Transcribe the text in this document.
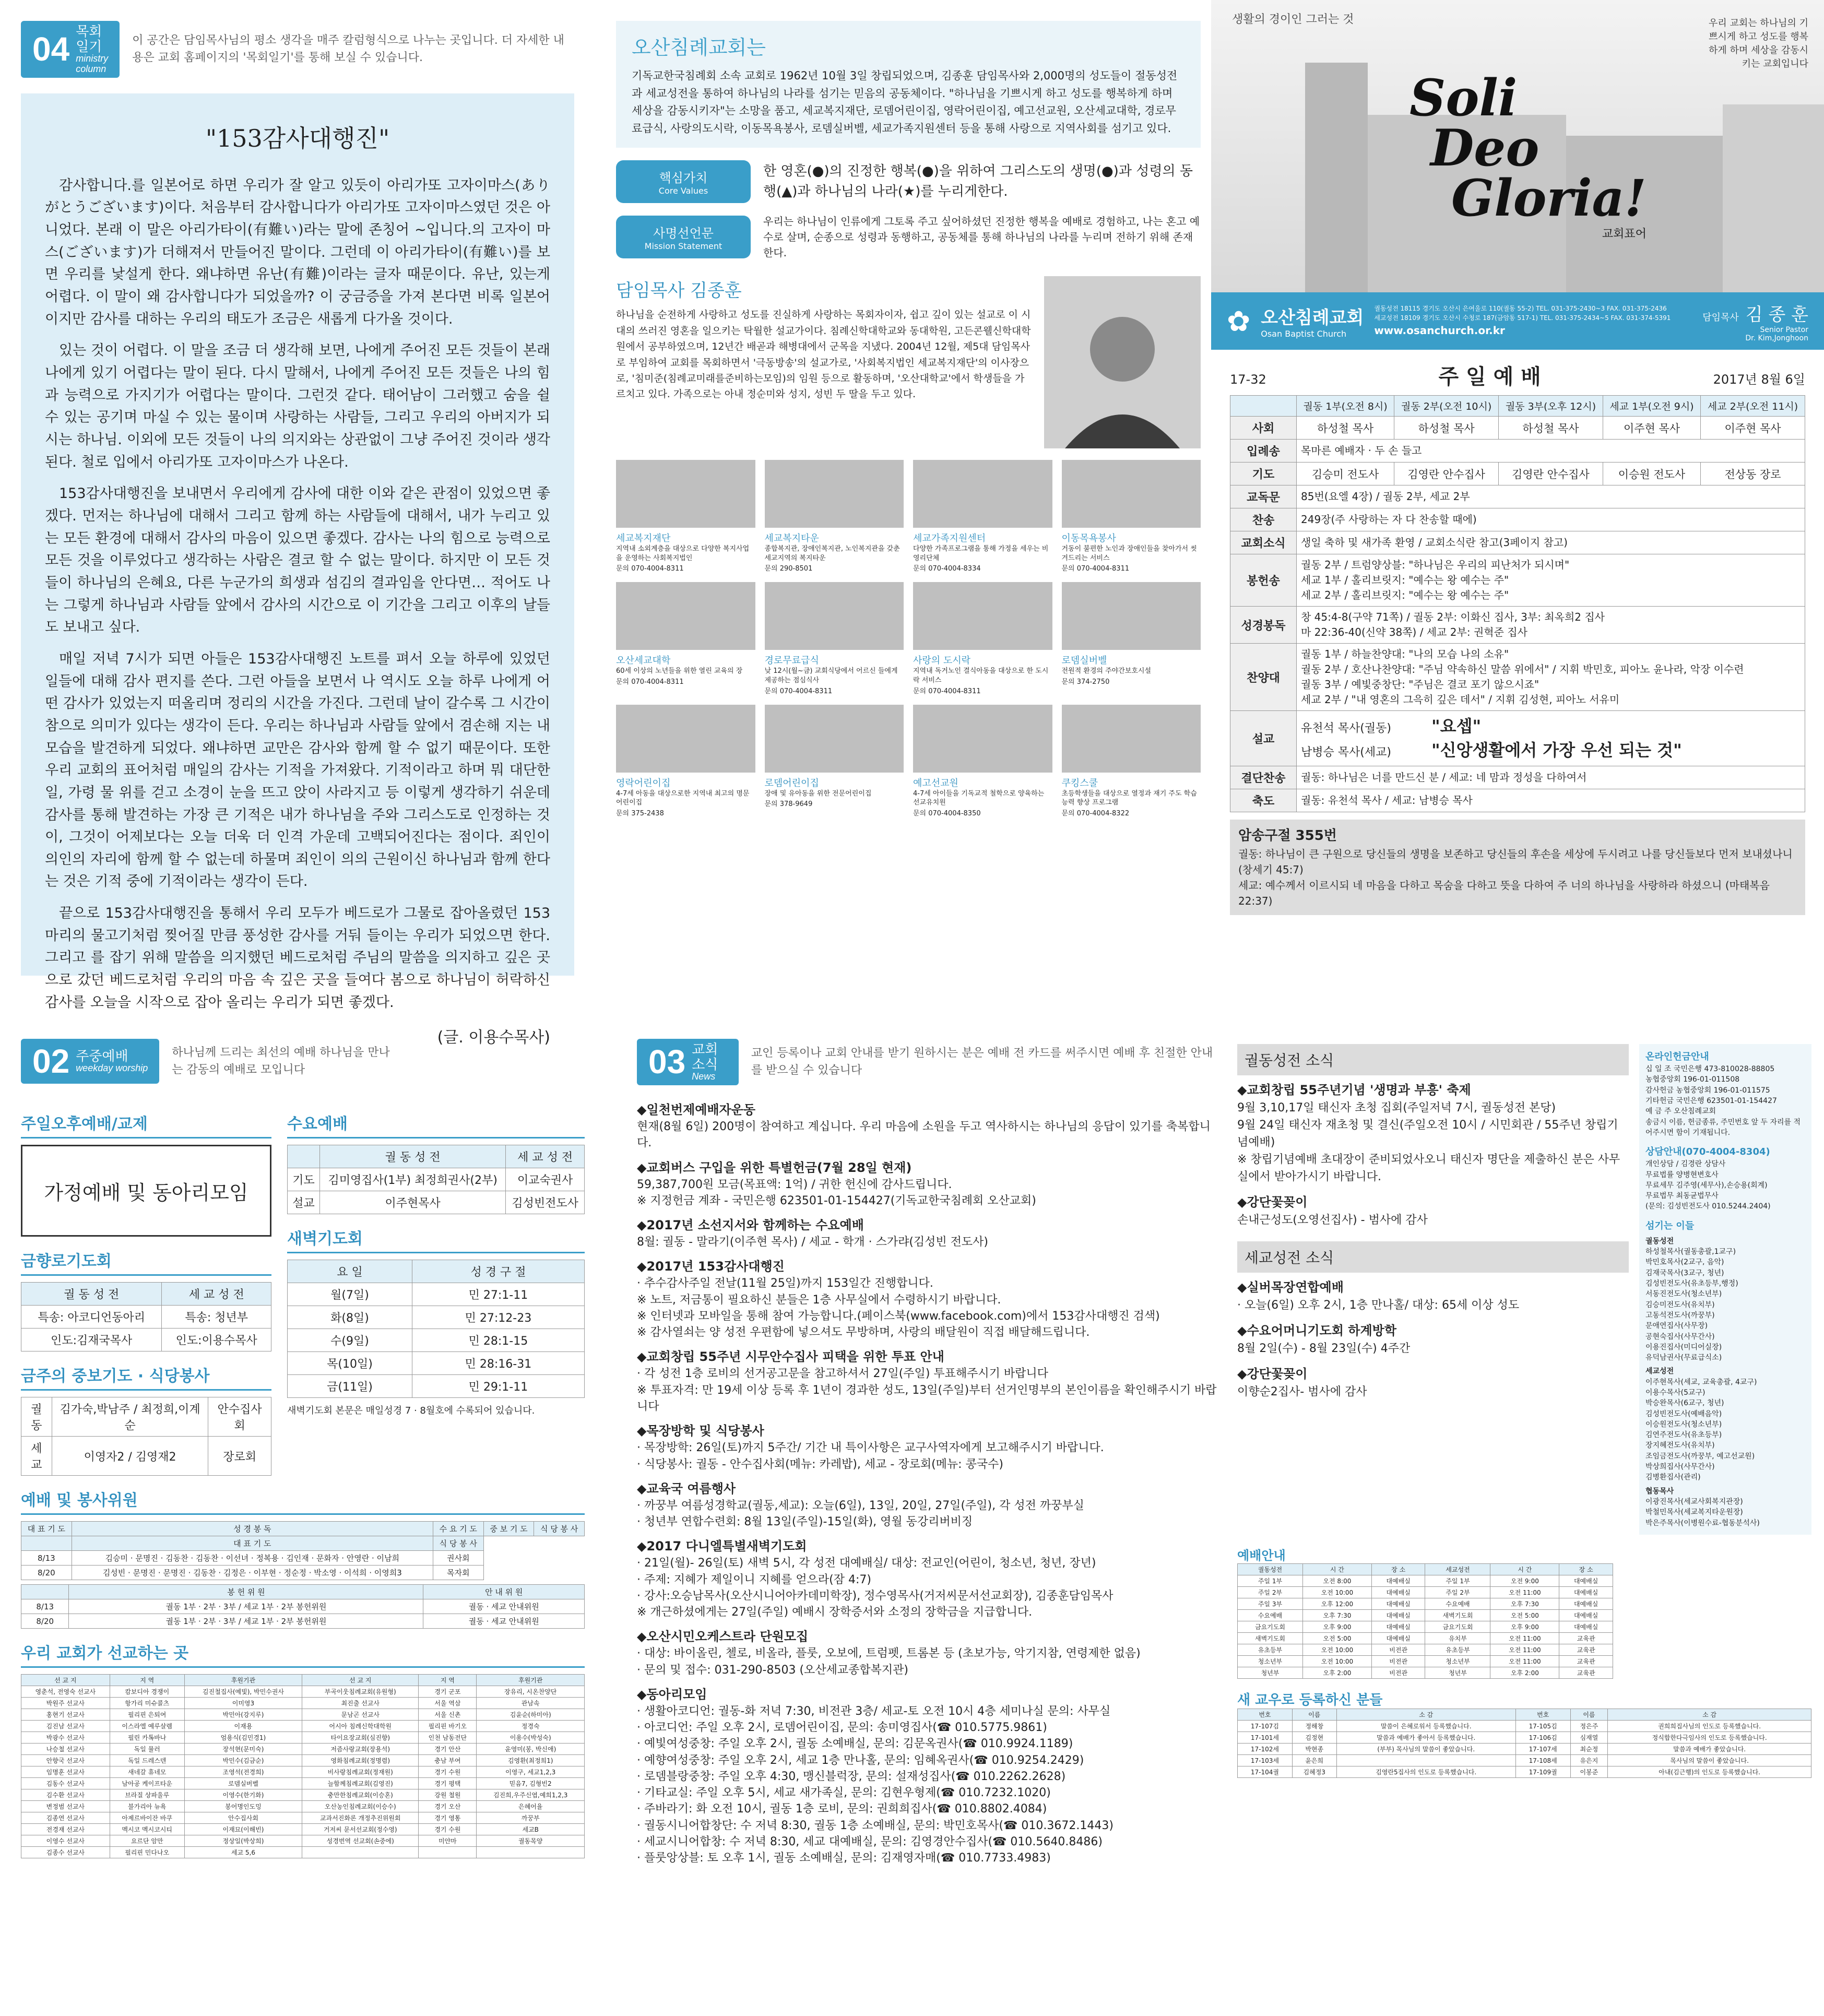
04 목회일기
ministry column
이 공간은 담임목사님의 평소 생각을 매주 칼럼형식으로 나누는 곳입니다. 더 자세한 내용은 교회 홈페이지의 '목회일기'를 통해 보실 수 있습니다.
"153감사대행진"

감사합니다.를 일본어로 하면 우리가 잘 알고 있듯이 아리가또 고자이마스(ありがとうございます)이다. 처음부터 감사합니다가 아리가또 고자이마스였던 것은 아니었다. 본래 이 말은 아리가타이(有難い)라는 말에 존칭어 ~입니다.의 고자이 마스(ございます)가 더해져서 만들어진 말이다. 그런데 이 아리가타이(有難い)를 보면 우리를 낯설게 한다. 왜냐하면 유난(有難)이라는 글자 때문이다. 유난, 있는게 어렵다. 이 말이 왜 감사합니다가 되었을까? 이 궁금증을 가져 본다면 비록 일본어이지만 감사를 대하는 우리의 태도가 조금은 새롭게 다가올 것이다.

있는 것이 어렵다. 이 말을 조금 더 생각해 보면, 나에게 주어진 모든 것들이 본래 나에게 있기 어렵다는 말이 된다. 다시 말해서, 나에게 주어진 모든 것들은 나의 힘과 능력으로 가지기가 어렵다는 말이다. 그런것 같다. 태어남이 그러했고 숨을 쉴 수 있는 공기며 마실 수 있는 물이며 사랑하는 사람들, 그리고 우리의 아버지가 되시는 하나님. 이외에 모든 것들이 나의 의지와는 상관없이 그냥 주어진 것이라 생각된다. 철로 입에서 아리가또 고자이마스가 나온다.

153감사대행진을 보내면서 우리에게 감사에 대한 이와 같은 관점이 있었으면 좋겠다. 먼저는 하나님에 대해서 그리고 함께 하는 사람들에 대해서, 내가 누리고 있는 모든 환경에 대해서 감사의 마음이 있으면 좋겠다. 감사는 나의 힘으로 능력으로 모든 것을 이루었다고 생각하는 사람은 결코 할 수 없는 말이다. 하지만 이 모든 것들이 하나님의 은혜요, 다른 누군가의 희생과 섬김의 결과임을 안다면… 적어도 나는 그렇게 하나님과 사람들 앞에서 감사의 시간으로 이 기간을 그리고 이후의 날들도 보내고 싶다.

매일 저녁 7시가 되면 아들은 153감사대행진 노트를 펴서 오늘 하루에 있었던 일들에 대해 감사 편지를 쓴다. 그런 아들을 보면서 나 역시도 오늘 하루 나에게 어떤 감사가 있었는지 떠올리며 정리의 시간을 가진다. 그런데 날이 갈수록 그 시간이 참으로 의미가 있다는 생각이 든다. 우리는 하나님과 사람들 앞에서 겸손해 지는 내 모습을 발견하게 되었다. 왜냐하면 교만은 감사와 함께 할 수 없기 때문이다. 또한 우리 교회의 표어처럼 매일의 감사는 기적을 가져왔다. 기적이라고 하며 뭐 대단한 일, 가령 물 위를 걷고 소경이 눈을 뜨고 앉이 사라지고 등 이렇게 생각하기 쉬운데 감사를 통해 발견하는 가장 큰 기적은 내가 하나님을 주와 그리스도로 인정하는 것이, 그것이 어제보다는 오늘 더욱 더 인격 가운데 고백되어진다는 점이다. 죄인이 의인의 자리에 함께 할 수 없는데 하물며 죄인이 의의 근원이신 하나님과 함께 한다는 것은 기적 중에 기적이라는 생각이 든다.

끝으로 153감사대행진을 통해서 우리 모두가 베드로가 그물로 잡아올렸던 153마리의 물고기처럼 찢어질 만큼 풍성한 감사를 거둬 들이는 우리가 되었으면 한다. 그리고 를 잡기 위해 말씀을 의지했던 베드로처럼 주님의 말씀을 의지하고 깊은 곳으로 갔던 베드로처럼 우리의 마음 속 깊은 곳을 들여다 봄으로 하나님이 허락하신 감사를 오늘을 시작으로 잡아 올리는 우리가 되면 좋겠다.

(글. 이용수목사)
오산침례교회는
기독교한국침례회 소속 교회로 1962년 10월 3일 창립되었으며, 김종훈 담임목사와 2,000명의 성도들이 절동성전과 세교성전을 통하여 하나님의 나라를 섬기는 믿음의 공동체이다. "하나님을 기쁘시게 하고 성도를 행복하게 하며 세상을 감동시키자"는 소망을 품고, 세교복지재단, 로뎀어린이집, 영락어린이집, 예고선교원, 오산세교대학, 경로무료급식, 사랑의도시락, 이동목욕봉사, 로뎀실버벨, 세교가족지원센터 등을 통해 사랑으로 지역사회를 섬기고 있다.
핵심가치
Core Values
한 영혼(●)의 진정한 행복(●)을 위하여 그리스도의 생명(●)과 성령의 동행(▲)과 하나님의 나라(★)를 누리게한다.
사명선언문
Mission Statement
우리는 하나님이 인류에게 그토록 주고 싶어하셨던 진정한 행복을 예배로 경험하고, 나는 혼고 예수로 살며, 순종으로 성령과 동행하고, 공동체를 통해 하나님의 나라를 누리며 전하기 위해 존재한다.
담임목사 김종훈
하나님을 순전하게 사랑하고 성도를 진실하게 사랑하는 목회자이자, 쉽고 깊이 있는 설교로 이 시대의 쓰러진 영혼을 일으키는 탁월한 설교가이다. 침례신학대학교와 동대학원, 고든콘웰신학대학원에서 공부하였으며, 12년간 배곧과 해병대에서 군목을 지냈다. 2004년 12월, 제5대 담임목사로 부임하여 교회를 목회하면서 '극동방송'의 설교가로, '사회복지법인 세교복지재단'의 이사장으로, '침미준(침례교미래를준비하는모임)의 임원 등으로 활동하며, '오산대학교'에서 학생들을 가르치고 있다. 가족으로는 아내 정순미와 성지, 성빈 두 딸을 두고 있다.
세교복지재단
지역내 소외계층을 대상으로 다양한 복지사업을 운영하는 사회복지법인
문의 070-4004-8311
세교복지타운
종합복지관, 장애인복지관, 노인복지관을 갖춘 세교지역의 복지타운
문의 290-8501
세교가족지원센터
다양한 가족프로그램을 통해 가정을 세우는 비영리단체
문의 070-4004-8334
이동목욕봉사
거동이 불편한 노인과 장애인들을 찾아가서 씻겨드리는 서비스
문의 070-4004-8311
오산세교대학
60세 이상의 노년들을 위한 열린 교육의 장
문의 070-4004-8311
경로무료급식
낮 12시(월~금) 교회식당에서 어르신 들에게 제공하는 점심식사
문의 070-4004-8311
사랑의 도시락
지역내 독거노인 결식아동을 대상으로 한 도시락 서비스
문의 070-4004-8311
로뎀실버벨
전원적 환경의 주야간보호시설
문의 374-2750
영락어린이집
4-7세 아동을 대상으로한 지역내 최고의 명문 어린이집
문의 375-2438
로뎀어린이집
장애 및 유아동을 위한 전문어린이집
문의 378-9649
예고선교원
4-7세 아이들을 기독교적 철학으로 양육하는 선교유치원
문의 070-4004-8350
쿠킹스쿨
초등학생들을 대상으로 열정과 재기 주도 학습능력 향상 프로그램
문의 070-4004-8322
생활의 경이인 그러는 것
Soli
Deo
Gloria!
교회표어
우리 교회는 하나님의 기쁘시게 하고 성도를 행복하게 하며 세상을 감동시키는 교회입니다
✿ 오산침례교회
Osan Baptist Church
궐동성전 18115 경기도 오산시 은여울로 110(궐동 55-2) TEL. 031-375-2430~3 FAX. 031-375-2436
세교성전 18109 경기도 오산시 수청로 187(금암동 517-1) TEL. 031-375-2434~5 FAX. 031-374-5391
www.osanchurch.or.kr
담임목사 김 종 훈
Senior Pastor
Dr. Kim,Jonghoon
17-32	주 일 예 배	2017년 8월 6일
	궐동 1부(오전 8시)	궐동 2부(오전 10시)	궐동 3부(오후 12시)	세교 1부(오전 9시)	세교 2부(오전 11시)
사회	하성철 목사	하성철 목사	하성철 목사	이주현 목사	이주현 목사
입례송	목마른 예배자 · 두 손 들고				
기도	김승미 전도사	김영란 안수집사	김영란 안수집사	이승원 전도사	전상동 장로
교독문	85번(요엘 4장) / 궐동 2부, 세교 2부				
찬송	249장(주 사랑하는 자 다 찬송할 때에)				
교회소식	생일 축하 및 새가족 환영 / 교회소식란 참고(3페이지 참고)				
봉헌송	궐동 2부 / 트럼양상블: "하나님은 우리의 피난처가 되시며"
세교 1부 / 홀리브릿지: "예수는 왕 예수는 주"
세교 2부 / 홀리브릿지: "예수는 왕 예수는 주"				

성경봉독	창 45:4-8(구약 71쪽) / 궐동 2부: 이화신 집사, 3부: 최옥희2 집사
마 22:36-40(신약 38쪽) / 세교 2부: 권혁준 집사				

찬양대	궐동 1부 / 하늘찬양대: "나의 모습 나의 소유"
궐동 2부 / 호산나찬양대: "주님 약속하신 말씀 위에서" / 지휘 박민호, 피아노 윤나라, 악장 이수련
궐동 3부 / 예빛중창단: "주님은 결코 포기 않으시죠"
세교 2부 / "내 영혼의 그윽히 깊은 데서" / 지휘 김성현, 피아노 서유미				

설교	유천석 목사(궐동) "요셉"
남병승 목사(세교) "신앙생활에서 가장 우선 되는 것"				

결단찬송	궐동: 하나님은 너를 만드신 분 / 세교: 네 맘과 정성을 다하여서				
축도	궐동: 유천석 목사 / 세교: 남병승 목사				
암송구절 355번
궐동: 하나님이 큰 구원으로 당신들의 생명을 보존하고 당신들의 후손을 세상에 두시려고 나를 당신들보다 먼저 보내셨나니 (창세기 45:7)
세교: 예수께서 이르시되 네 마음을 다하고 목숨을 다하고 뜻을 다하여 주 너의 하나님을 사랑하라 하셨으니 (마태복음 22:37)
02 주중예배
weekday worship
하나님께 드리는 최선의 예배 하나님을 만나는 감동의 예배로 모입니다
주일오후예배/교제
가정예배 및 동아리모임
금향로기도회
궐 동 성 전	세 교 성 전
특송: 아코디언동아리	특송: 청년부
인도:김재국목사	인도:이용수목사
금주의 중보기도 · 식당봉사
궐동	김가숙,박남주 / 최정희,이계순	안수집사회
세교	이영자2 / 김영재2	장로회
수요예배
	궐 동 성 전	세 교 성 전
기도	김미영집사(1부) 최정희권사(2부)	이교숙권사
설교	이주현목사	김성빈전도사
새벽기도회
요 일	성 경 구 절
월(7일)	민 27:1-11
화(8일)	민 27:12-23
수(9일)	민 28:1-15
목(10일)	민 28:16-31
금(11일)	민 29:1-11
새벽기도회 본문은 매일성경 7 · 8월호에 수록되어 있습니다.
예배 및 봉사위원
대 표 기 도	성 경 봉 독	수 요 기 도	중 보 기 도	식 당 봉 사
	대 표 기 도	식 당 봉 사		
8/13	김승미 · 문명진 · 김동찬 · 김동찬 · 이선녀 · 정복용 · 김인재 · 문화자 · 안영란 · 이남희	권사회		
8/20	김성빈 · 문명진 · 문명진 · 김동찬 · 김정은 · 이부현 · 정순정 · 박소영 · 이석희 · 이영희3	목자회		
	봉 헌 위 원	안 내 위 원
8/13	궐동 1부 · 2부 · 3부 / 세교 1부 · 2부 봉헌위원	궐동 · 세교 안내위원
8/20	궐동 1부 · 2부 · 3부 / 세교 1부 · 2부 봉헌위원	궐동 · 세교 안내위원
우리 교회가 선교하는 곳
선 교 지	지 역	후원기관	선 교 지	지 역	후원기관
영춘석, 전영숙 선교사	캄보디아 경쟁이	김진철집사(예빛), 박민수권사	부곡이웃침례교회(유원형)	경기 군포	장유리, 시온찬양단
박원주 선교사	항가리 미슈콜츠	이미영3	최진출 선교사	서울 역삼	관남속
홍현기 선교사	필리핀 은퇴여	박민아(강지루)	문남곤 선교사	서울 신촌	김윤순(하미아)
김진남 선교사	이스라엘 예루살렘	이재용	어시아 침례신학대학원	필리핀 바기오	정경숙
박광수 선교사	필린 카톡바나	엄용식(김민경1)	타이요장교회(심진향)	인천 남동전단	이용수(박성숙)
나승철 선교사	독일 뮬러	장석현(문미숙)	저즘사랑교회(장용석)	경기 안산	윤영미(봉, 박신애)
안향국 선교사	독일 드레스덴	박민수(김금순)	영화침례교회(정명렴)	충남 부여	김영환(최정희1)
임명훈 선교사	새네갈 휴네모	조영석(전경희)	비사랑침례교회(정재원)	경기 수원	이영구, 세교1,2,3
김동수 선교사	남아공 케이프타운	로뎀실버벨	늘함께침례교회(김영진)	경기 평택	믿음7, 김형빈2
김수환 선교사	브라질 상파울루	이영수(한기화)	충만한침례교회(이승혼)	강원 철원	김진희,우주신엽,예희1,2,3
변정범 선교사	불가리아 뉴욕	봉어명인도밍	오산농인침례교회(이승수)	경기 오산	은혜어율
김종연 선교사	아제르바이잔 바쿠	안수집사회	교과서진화론 개정추진위원회	경기 영통	까꿍부
전경재 선교사	멕시코 멕시코시티	이재묘(이해빈)	거저씨 문서선교회(정수영)	경기 수원	세교B
이영수 선교사	요르단 암만	정상일(박상희)	성경번역 선교회(손중에)	미얀마	궐동목양
김종수 선교사	필리핀 민다나오	세교 5,6			
03 교회소식
News
교인 등록이나 교회 안내를 받기 원하시는 분은 예배 전 카드를 써주시면 예배 후 친절한 안내를 받으실 수 있습니다
◆일천번제예배자운동
현재(8월 6일) 200명이 참여하고 계십니다. 우리 마음에 소원을 두고 역사하시는 하나님의 응답이 있기를 축복합니다.
◆교회버스 구입을 위한 특별헌금(7월 28일 현재)
59,387,700원 모금(목표액: 1억) / 귀한 헌신에 감사드립니다.
※ 지정헌금 계좌 - 국민은행 623501-01-154427(기독교한국침례회 오산교회)
◆2017년 소선지서와 함께하는 수요예배
8월: 궐동 - 말라기(이주현 목사) / 세교 - 학개 · 스가랴(김성빈 전도사)
◆2017년 153감사대행진
· 추수감사주일 전날(11월 25일)까지 153일간 진행합니다.
※ 노트, 저금통이 필요하신 분들은 1층 사무실에서 수령하시기 바랍니다.
※ 인터넷과 모바일을 통해 참여 가능합니다.(페이스북(www.facebook.com)에서 153감사대행진 검색)
※ 감사열쇠는 양 성전 우편함에 넣으셔도 무방하며, 사랑의 배달원이 직접 배달해드립니다.
◆교회창립 55주년 시무안수집사 피택을 위한 투표 안내
· 각 성전 1층 로비의 선거공고문을 참고하셔서 27일(주일) 투표해주시기 바랍니다
※ 투표자격: 만 19세 이상 등록 후 1년이 경과한 성도, 13일(주일)부터 선거인명부의 본인이름을 확인해주시기 바랍니다
◆목장방학 및 식당봉사
· 목장방학: 26일(토)까지 5주간/ 기간 내 특이사항은 교구사역자에게 보고해주시기 바랍니다.
· 식당봉사: 궐동 - 안수집사회(메뉴: 카레밥), 세교 - 장로회(메뉴: 콩국수)
◆교육국 여름행사
· 까꿍부 여름성경학교(궐동,세교): 오늘(6일), 13일, 20일, 27일(주일), 각 성전 까꿍부실
· 청년부 연합수련회: 8월 13일(주일)-15일(화), 영월 동강리버비징
◆2017 다니엘특별새벽기도회
· 21일(월)- 26일(토) 새벽 5시, 각 성전 대예배실/ 대상: 전교인(어린이, 청소년, 청년, 장년)
· 주제: 지혜가 제일이니 지혜를 얻으라(잠 4:7)
· 강사:오승남목사(오산시니어아카데미학장), 정수영목사(거저씨문서선교회장), 김종훈담임목사
※ 개근하셨에게는 27일(주일) 예배시 장학증서와 소정의 장학금을 지급합니다.
◆오산시민오케스트라 단원모집
· 대상: 바이올린, 첼로, 비올라, 플룻, 오보에, 트럼펫, 트롬본 등 (초보가능, 악기지참, 연령제한 없음)
· 문의 및 접수: 031-290-8503 (오산세교종합복지관)
◆동아리모임
· 생활아코디언: 궐동-화 저녁 7:30, 비전관 3층/ 세교-토 오전 10시 4층 세미나실 문의: 사무실
· 아코디언: 주일 오후 2시, 로뎀어린이집, 문의: 송미영집사(☎ 010.5775.9861)
· 예빛여성중창: 주일 오후 2시, 궐동 소예배실, 문의: 김문옥권사(☎ 010.9924.1189)
· 예향여성중창: 주일 오후 2시, 세교 1층 만나홀, 문의: 임혜옥권사(☎ 010.9254.2429)
· 로뎀블랑중창: 주일 오후 4:30, 맹신블럭장, 문의: 설재성집사(☎ 010.2262.2628)
· 기타교실: 주일 오후 5시, 세교 새가족실, 문의: 김현우형제(☎ 010.7232.1020)
· 주바라기: 화 오전 10시, 궐동 1층 로비, 문의: 권희희집사(☎ 010.8802.4084)
· 궐동시니어합창단: 수 저녁 8:30, 궐동 1층 소예배실, 문의: 박민호목사(☎ 010.3672.1443)
· 세교시니어합창: 수 저녁 8:30, 세교 대예배실, 문의: 김영경안수집사(☎ 010.5640.8486)
· 플룻앙상블: 토 오후 1시, 궐동 소예배실, 문의: 김재영자매(☎ 010.7733.4983)
궐동성전 소식
◆교회창립 55주년기념 '생명과 부흥' 축제
9월 3,10,17일 태신자 초청 집회(주일저녁 7시, 궐동성전 본당)
9월 24일 태신자 재초청 및 결신(주일오전 10시 / 시민회관 / 55주년 창립기념예배)
※ 창립기념예배 초대장이 준비되었사오니 태신자 명단을 제출하신 분은 사무실에서 받아가시기 바랍니다.
◆강단꽃꽂이
손내근성도(오영선집사) - 범사에 감사
세교성전 소식
◆실버목장연합예배
· 오늘(6일) 오후 2시, 1층 만나홀/ 대상: 65세 이상 성도
◆수요어머니기도회 하계방학
8월 2일(수) - 8월 23일(수) 4주간
◆강단꽃꽂이
이향순2집사- 범사에 감사
온라인헌금안내
십 일 조 국민은행 473-810028-88805
농협중앙회 196-01-011508
감사헌금 농협중앙회 196-01-011575
기타헌금 국민은행 623501-01-154427
예 금 주 오산침례교회
송금시 이름, 헌금종류, 주민번호 앞 두 자리를 적어주시면 함이 기재됩니다.
상담안내(070-4004-8304)
개인상담 / 김경란 상담사
무료법률 양병현변호사
무료세무 김주영(세무사),손승용(회계)
무료법무 최동균법무사
(문의: 김성빈전도사 010.5244.2404)
섬기는 이들
궐동성전
하성철목사(궐동총괄,1교구)
박민호목사(2교구, 음악)
김재국목사(3교구, 청년)
김성빈전도사(유초등부,행정)
서동진전도사(청소년부)
김승미전도사(유치부)
고동석전도사(까꿍부)
문애연집사(사무장)
공현숙집사(사무간사)
이용진집사(미디어실장)
유덕남권사(무료급식소)
세교성전
이주현목사(세교, 교육총괄, 4교구)
이용수목사(5교구)
박승완목사(6교구, 청년)
김성빈전도사(예배음악)
이승원전도사(청소년부)
김연주전도사(유초등부)
장지혜전도사(유치부)
조임금전도사(까꿍부, 예고선교원)
박상희집사(사무간사)
김병환집사(관리)
협동목사
이광진목사(세교사회복지관장)
박철민목사(세교복지타운원장)
박은주목사(이병원수료-협동분석사)
예배안내
궐동성전	시 간	장 소	세교성전	시 간	장 소
주일 1부	오전 8:00	대예배실	주일 1부	오전 9:00	대예배실
주일 2부	오전 10:00	대예배실	주일 2부	오전 11:00	대예배실
주일 3부	오후 12:00	대예배실	수요예배	오후 7:30	대예배실
수요예배	오후 7:30	대예배실	새벽기도회	오전 5:00	대예배실
금요기도회	오후 9:00	대예배실	금요기도회	오후 9:00	대예배실
새벽기도회	오전 5:00	대예배실	유치부	오전 11:00	교육관
유초등부	오전 10:00	비전관	유초등부	오전 11:00	교육관
청소년부	오전 10:00	비전관	청소년부	오전 11:00	교육관
청년부	오후 2:00	비전관	청년부	오후 2:00	교육관
새 교우로 등록하신 분들
번호	이름	소 감	번호	이름	소 감
17-107김	정해창	말씀이 은혜로워서 등록했습니다.	17-105김	정은주	권희희집사님의 인도로 등록했습니다.
17-101세	김정현	말씀과 예배가 좋아서 등록했습니다.	17-106김	심재열	정식합한다극임사의 인도로 등록했습니다.
17-102세	박현종	(부부) 목사님의 말씀이 좋았습니다.	17-107세	최순정	말씀과 예배가 좋았습니다.
17-103세	윤은희		17-108세	유은지	목사님의 말씀이 좋았습니다.
17-104궐	김혜정3	김영란5집사의 인도로 등록했습니다.	17-109궐	이봉준	아내(김근행)의 인도로 등록했습니다.
